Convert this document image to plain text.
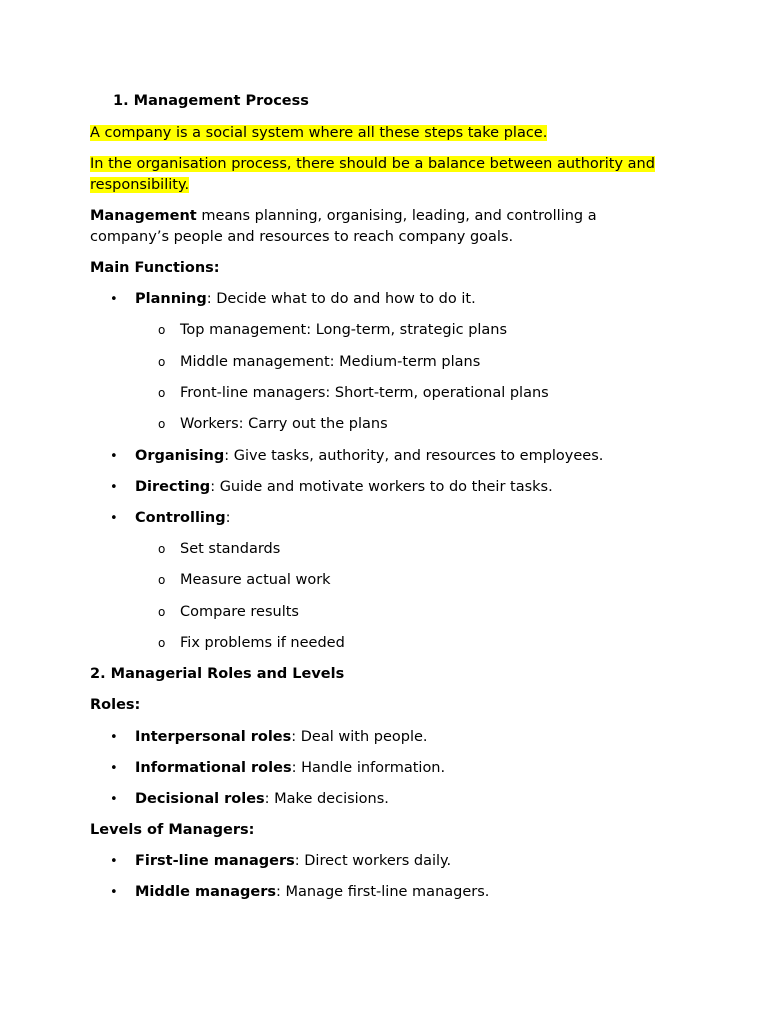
1. Management Process
A company is a social system where all these steps take place.
In the organisation process, there should be a balance between authority and
responsibility.
Management means planning, organising, leading, and controlling a
company’s people and resources to reach company goals.
Main Functions:
• Planning: Decide what to do and how to do it.
o Top management: Long-term, strategic plans
o Middle management: Medium-term plans
o Front-line managers: Short-term, operational plans
o Workers: Carry out the plans
• Organising: Give tasks, authority, and resources to employees.
• Directing: Guide and motivate workers to do their tasks.
• Controlling:
o Set standards
o Measure actual work
o Compare results
o Fix problems if needed
2. Managerial Roles and Levels
Roles:
• Interpersonal roles: Deal with people.
• Informational roles: Handle information.
• Decisional roles: Make decisions.
Levels of Managers:
• First-line managers: Direct workers daily.
• Middle managers: Manage first-line managers.
